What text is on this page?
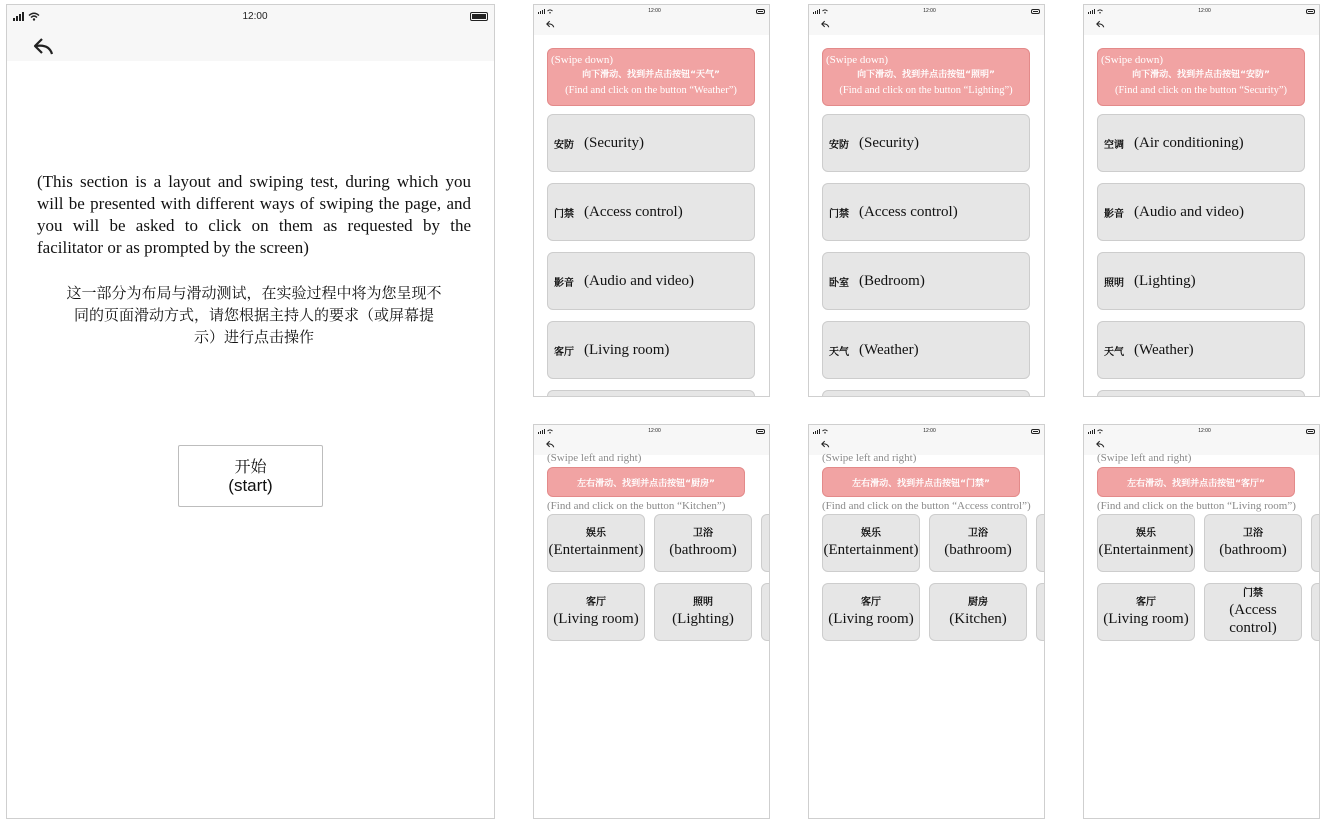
12:00
(This section is a layout and swiping test, during which you will be presented with different ways of swiping the page, and you will be asked to click on them as requested by the facilitator or as prompted by the screen)
这一部分为布局与滑动测试，在实验过程中将为您呈现不同的页面滑动方式，请您根据主持人的要求（或屏幕提示）进行点击操作
开始
(start)
12:00
(Swipe down)
向下滑动、找到并点击按钮“天气”
(Find and click on the button “Weather”)
安防 (Security)
门禁 (Access control)
影音 (Audio and video)
客厅 (Living room)
12:00
(Swipe down)
向下滑动、找到并点击按钮“照明”
(Find and click on the button “Lighting”)
安防 (Security)
门禁 (Access control)
卧室 (Bedroom)
天气 (Weather)
12:00
(Swipe down)
向下滑动、找到并点击按钮“安防”
(Find and click on the button “Security”)
空调 (Air conditioning)
影音 (Audio and video)
照明 (Lighting)
天气 (Weather)
12:00
(Swipe left and right)
左右滑动、找到并点击按钮“厨房”
(Find and click on the button “Kitchen”)
娱乐
(Entertainment)
卫浴
(bathroom)
客厅
(Living room)
照明
(Lighting)
12:00
(Swipe left and right)
左右滑动、找到并点击按钮“门禁”
(Find and click on the button “Access control”)
娱乐
(Entertainment)
卫浴
(bathroom)
客厅
(Living room)
厨房
(Kitchen)
12:00
(Swipe left and right)
左右滑动、找到并点击按钮“客厅”
(Find and click on the button “Living room”)
娱乐
(Entertainment)
卫浴
(bathroom)
客厅
(Living room)
门禁
(Access control)
